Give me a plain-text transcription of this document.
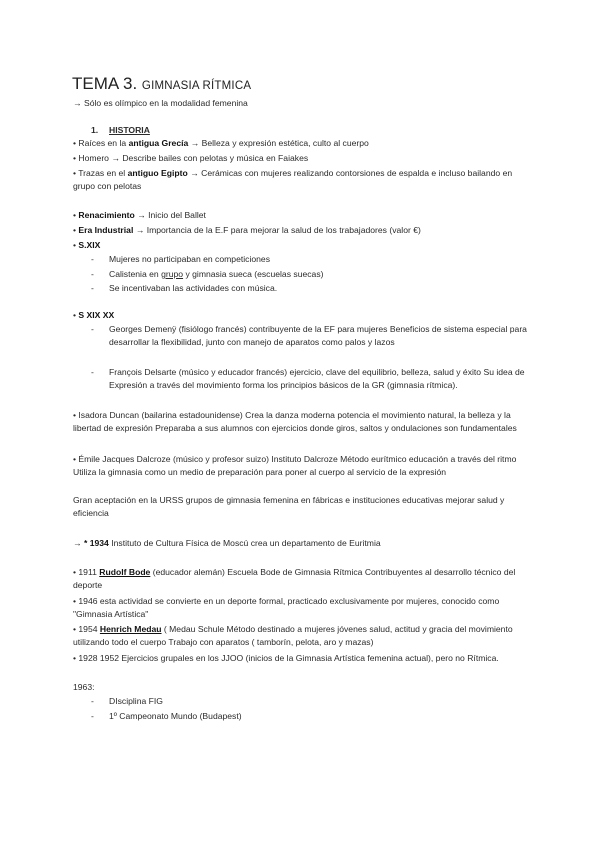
TEMA 3. GIMNASIA RÍTMICA
→ Sólo es olímpico en la modalidad femenina
1. HISTORIA
• Raíces en la antigua Grecía → Belleza y expresión estética, culto al cuerpo
• Homero → Describe bailes con pelotas y música en Faiakes
• Trazas en el antiguo Egipto → Cerámicas con mujeres realizando contorsiones de espalda e incluso bailando en grupo con pelotas
• Renacimiento → Inicio del Ballet
• Era Industrial → Importancia de la E.F para mejorar la salud de los trabajadores (valor €)
• S.XIX
- Mujeres no participaban en competiciones
- Calistenia en grupo y gimnasia sueca (escuelas suecas)
- Se incentivaban las actividades con música.
• S XIX XX
- Georges Demenÿ (fisiólogo francés) contribuyente de la EF para mujeres Beneficios de sistema especial para desarrollar la flexibilidad, junto con manejo de aparatos como palos y lazos
- François Delsarte (músico y educador francés) ejercicio, clave del equilibrio, belleza, salud y éxito Su idea de Expresión a través del movimiento forma los principios básicos de la GR (gimnasia rítmica).
• Isadora Duncan (bailarina estadounidense) Crea la danza moderna potencia el movimiento natural, la belleza y la libertad de expresión Preparaba a sus alumnos con ejercicios donde giros, saltos y ondulaciones son fundamentales
• Émile Jacques Dalcroze (músico y profesor suizo) Instituto Dalcroze Método eurítmico educación a través del ritmo Utiliza la gimnasia como un medio de preparación para poner al cuerpo al servicio de la expresión
Gran aceptación en la URSS grupos de gimnasia femenina en fábricas e instituciones educativas mejorar salud y eficiencia
→ * 1934 Instituto de Cultura Física de Moscú crea un departamento de Euritmia
• 1911 Rudolf Bode (educador alemán) Escuela Bode de Gimnasia Rítmica Contribuyentes al desarrollo técnico del deporte
• 1946 esta actividad se convierte en un deporte formal, practicado exclusivamente por mujeres, conocido como "Gimnasia Artística"
• 1954 Henrich Medau ( Medau Schule Método destinado a mujeres jóvenes salud, actitud y gracia del movimiento utilizando todo el cuerpo Trabajo con aparatos ( tamborín, pelota, aro y mazas)
• 1928 1952 Ejercicios grupales en los JJOO (inicios de la Gimnasia Artística femenina actual), pero no Rítmica.
1963:
- DIsciplina FIG
- 1º Campeonato Mundo (Budapest)
